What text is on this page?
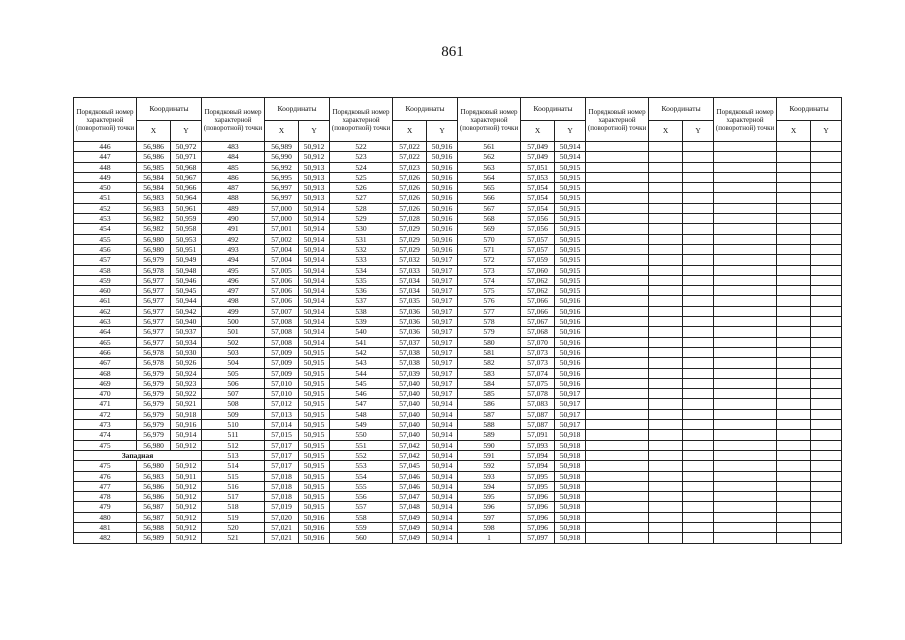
861
Порядковый номер характерной (поворотной) точки	Координаты		Порядковый номер характерной (поворотной) точки	Координаты		Порядковый номер характерной (поворотной) точки	Координаты		Порядковый номер характерной (поворотной) точки	Координаты		Порядковый номер характерной (поворотной) точки	Координаты		Порядковый номер характерной (поворотной) точки	Координаты	
	X	Y		X	Y		X	Y		X	Y		X	Y		X	Y
446	56,986	50,972	483	56,989	50,912	522	57,022	50,916	561	57,049	50,914						
447	56,986	50,971	484	56,990	50,912	523	57,022	50,916	562	57,049	50,914						
448	56,985	50,968	485	56,992	50,913	524	57,023	50,916	563	57,051	50,915						
449	56,984	50,967	486	56,995	50,913	525	57,026	50,916	564	57,053	50,915						
450	56,984	50,966	487	56,997	50,913	526	57,026	50,916	565	57,054	50,915						
451	56,983	50,964	488	56,997	50,913	527	57,026	50,916	566	57,054	50,915						
452	56,983	50,961	489	57,000	50,914	528	57,026	50,916	567	57,054	50,915						
453	56,982	50,959	490	57,000	50,914	529	57,028	50,916	568	57,056	50,915						
454	56,982	50,958	491	57,001	50,914	530	57,029	50,916	569	57,056	50,915						
455	56,980	50,953	492	57,002	50,914	531	57,029	50,916	570	57,057	50,915						
456	56,980	50,951	493	57,004	50,914	532	57,029	50,916	571	57,057	50,915						
457	56,979	50,949	494	57,004	50,914	533	57,032	50,917	572	57,059	50,915						
458	56,978	50,948	495	57,005	50,914	534	57,033	50,917	573	57,060	50,915						
459	56,977	50,946	496	57,006	50,914	535	57,034	50,917	574	57,062	50,915						
460	56,977	50,945	497	57,006	50,914	536	57,034	50,917	575	57,062	50,915						
461	56,977	50,944	498	57,006	50,914	537	57,035	50,917	576	57,066	50,916						
462	56,977	50,942	499	57,007	50,914	538	57,036	50,917	577	57,066	50,916						
463	56,977	50,940	500	57,008	50,914	539	57,036	50,917	578	57,067	50,916						
464	56,977	50,937	501	57,008	50,914	540	57,036	50,917	579	57,068	50,916						
465	56,977	50,934	502	57,008	50,914	541	57,037	50,917	580	57,070	50,916						
466	56,978	50,930	503	57,009	50,915	542	57,038	50,917	581	57,073	50,916						
467	56,978	50,926	504	57,009	50,915	543	57,038	50,917	582	57,073	50,916						
468	56,979	50,924	505	57,009	50,915	544	57,039	50,917	583	57,074	50,916						
469	56,979	50,923	506	57,010	50,915	545	57,040	50,917	584	57,075	50,916						
470	56,979	50,922	507	57,010	50,915	546	57,040	50,917	585	57,078	50,917						
471	56,979	50,921	508	57,012	50,915	547	57,040	50,914	586	57,083	50,917						
472	56,979	50,918	509	57,013	50,915	548	57,040	50,914	587	57,087	50,917						
473	56,979	50,916	510	57,014	50,915	549	57,040	50,914	588	57,087	50,917						
474	56,979	50,914	511	57,015	50,915	550	57,040	50,914	589	57,091	50,918						
475	56,980	50,912	512	57,017	50,915	551	57,042	50,914	590	57,093	50,918						
Западная			513	57,017	50,915	552	57,042	50,914	591	57,094	50,918						
475	56,980	50,912	514	57,017	50,915	553	57,045	50,914	592	57,094	50,918						
476	56,983	50,911	515	57,018	50,915	554	57,046	50,914	593	57,095	50,918						
477	56,986	50,912	516	57,018	50,915	555	57,046	50,914	594	57,095	50,918						
478	56,986	50,912	517	57,018	50,915	556	57,047	50,914	595	57,096	50,918						
479	56,987	50,912	518	57,019	50,915	557	57,048	50,914	596	57,096	50,918						
480	56,987	50,912	519	57,020	50,916	558	57,049	50,914	597	57,096	50,918						
481	56,988	50,912	520	57,021	50,916	559	57,049	50,914	598	57,096	50,918						
482	56,989	50,912	521	57,021	50,916	560	57,049	50,914	1	57,097	50,918						
